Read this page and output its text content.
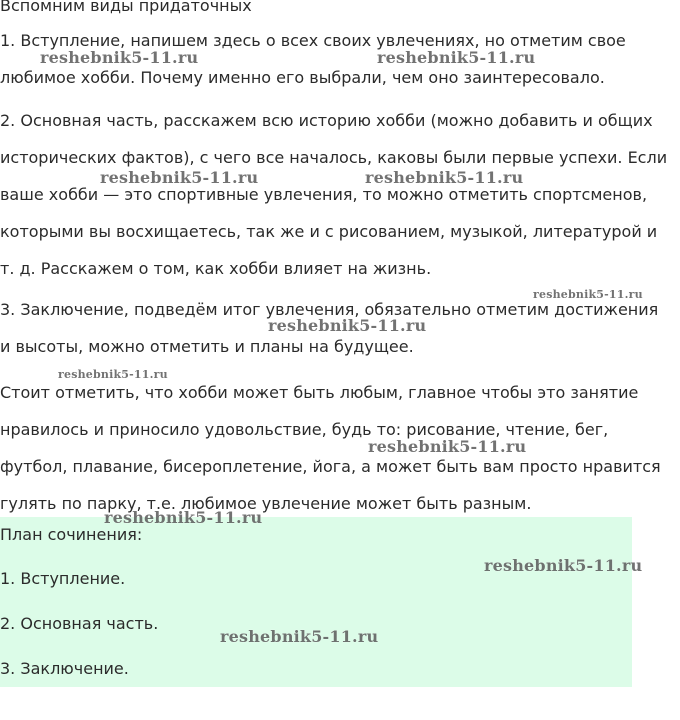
Вспомним виды придаточных

1. Вступление, напишем здесь о всех своих увлечениях, но отметим свое любимое хобби. Почему именно его выбрали, чем оно заинтересовало.

2. Основная часть, расскажем всю историю хобби (можно добавить и общих исторических фактов), с чего все началось, каковы были первые успехи. Если ваше хобби — это спортивные увлечения, то можно отметить спортсменов, которыми вы восхищаетесь, так же и с рисованием, музыкой, литературой и т. д. Расскажем о том, как хобби влияет на жизнь.

3. Заключение, подведём итог увлечения, обязательно отметим достижения и высоты, можно отметить и планы на будущее.

Стоит отметить, что хобби может быть любым, главное чтобы это занятие нравилось и приносило удовольствие, будь то: рисование, чтение, бег, футбол, плавание, бисероплетение, йога, а может быть вам просто нравится гулять по парку, т.е. любимое увлечение может быть разным.

План сочинения:

1. Вступление.

2. Основная часть.

3. Заключение.

reshebnik5-11.ru	reshebnik5-11.ru
reshebnik5-11.ru	reshebnik5-11.ru
reshebnik5-11.ru
reshebnik5-11.ru
reshebnik5-11.ru
reshebnik5-11.ru
reshebnik5-11.ru
reshebnik5-11.ru
reshebnik5-11.ru
